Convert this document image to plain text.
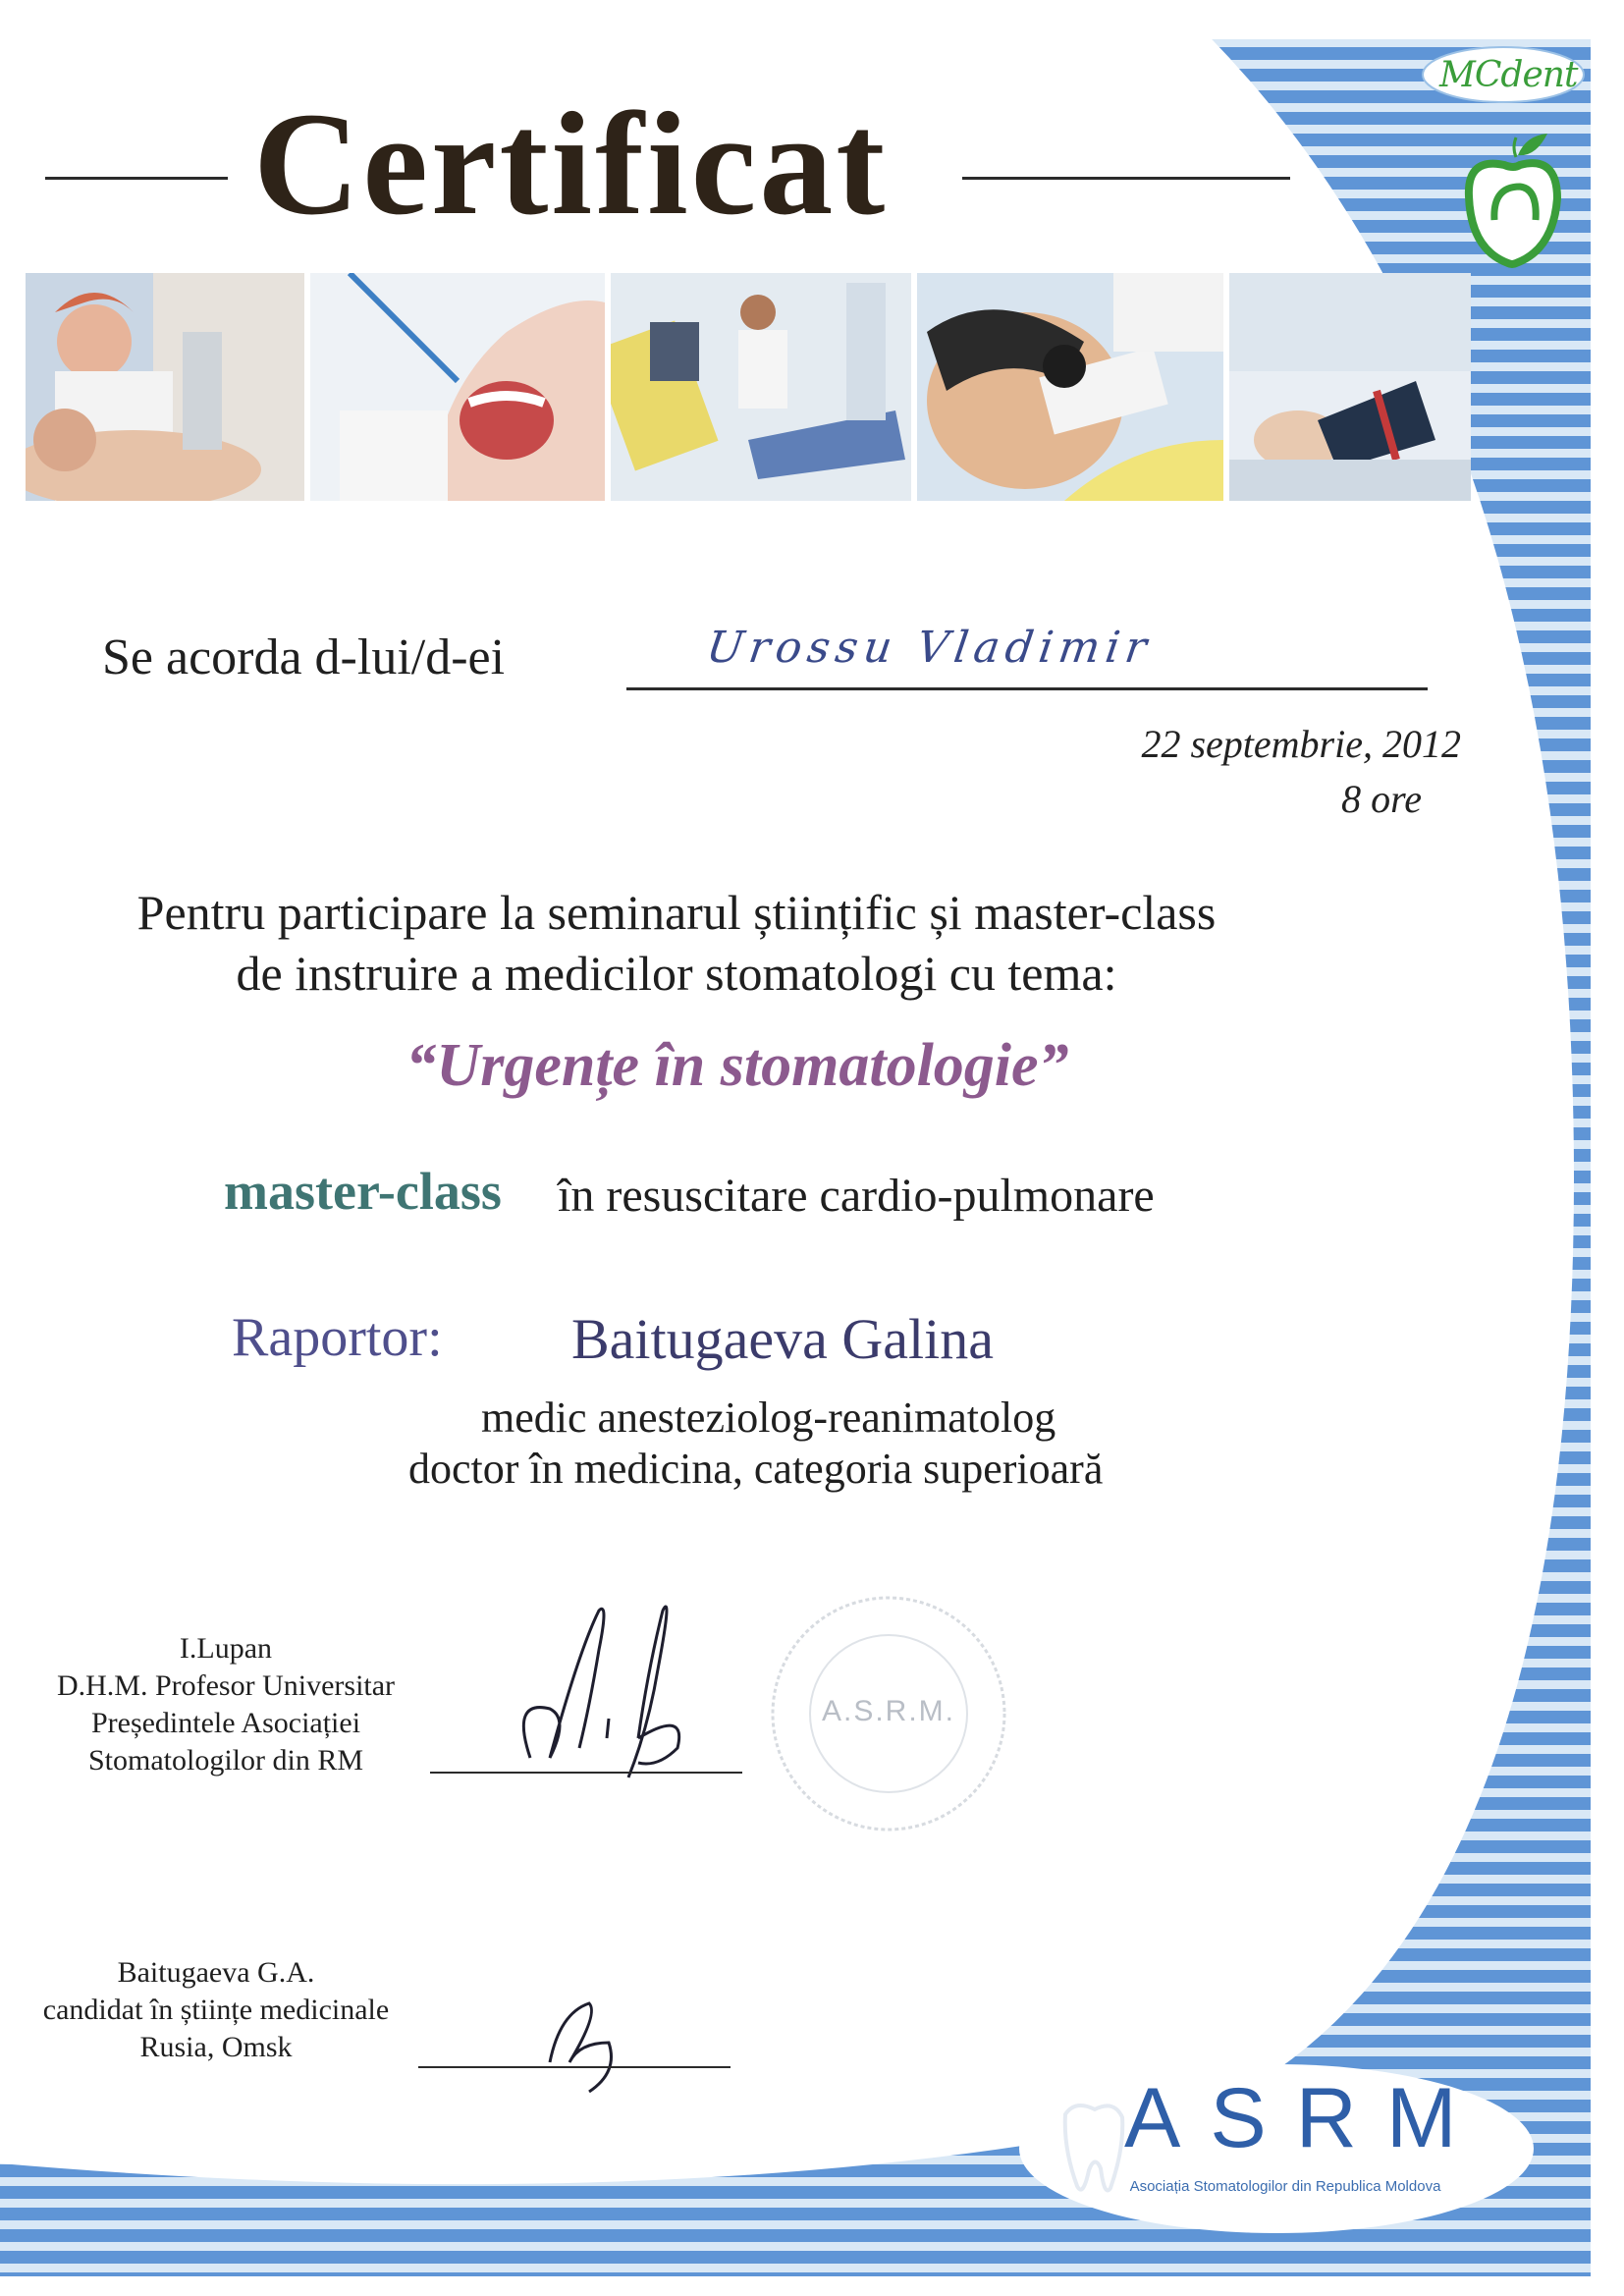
Certificat
MCdent
Se acorda d-lui/d-ei	Urossu Vladimir
22 septembrie, 2012
8 ore
Pentru participare la seminarul științific și master-class
de instruire a medicilor stomatologi cu tema:
“Urgențe în stomatologie”
master-class în resuscitare cardio-pulmonare
Raportor: Baitugaeva Galina
medic anesteziolog-reanimatolog
doctor în medicina, categoria superioară
I.Lupan
D.H.M. Profesor Universitar
Președintele Asociației
Stomatologilor din RM
A.S.R.M.
Baitugaeva G.A.
candidat în științe medicinale
Rusia, Omsk
ASRM
Asociația Stomatologilor din Republica Moldova
